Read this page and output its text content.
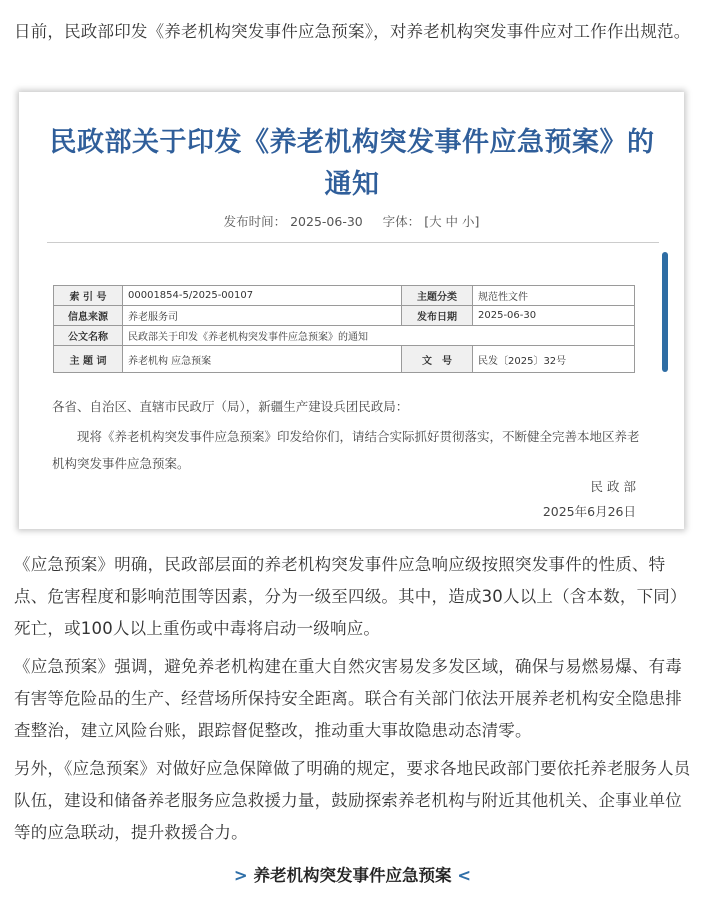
日前，民政部印发《养老机构突发事件应急预案》，对养老机构突发事件应对工作作出规范。

民政部关于印发《养老机构突发事件应急预案》的通知
发布时间： 2025-06-30 字体： [大 中 小]
索 引 号	00001854-5/2025-00107	主题分类	规范性文件
信息来源	养老服务司	发布日期	2025-06-30
公文名称	民政部关于印发《养老机构突发事件应急预案》的通知		
主 题 词	养老机构 应急预案	文　号	民发〔2025〕32号
各省、自治区、直辖市民政厅（局），新疆生产建设兵团民政局：
现将《养老机构突发事件应急预案》印发给你们，请结合实际抓好贯彻落实，不断健全完善本地区养老机构突发事件应急预案。
民 政 部
2025年6月26日

《应急预案》明确，民政部层面的养老机构突发事件应急响应级按照突发事件的性质、特点、危害程度和影响范围等因素，分为一级至四级。其中，造成30人以上（含本数，下同）死亡，或100人以上重伤或中毒将启动一级响应。

《应急预案》强调，避免养老机构建在重大自然灾害易发多发区域，确保与易燃易爆、有毒有害等危险品的生产、经营场所保持安全距离。联合有关部门依法开展养老机构安全隐患排查整治，建立风险台账，跟踪督促整改，推动重大事故隐患动态清零。

另外，《应急预案》对做好应急保障做了明确的规定，要求各地民政部门要依托养老服务人员队伍，建设和储备养老服务应急救援力量，鼓励探索养老机构与附近其他机关、企事业单位等的应急联动，提升救援合力。

> 养老机构突发事件应急预案 <
